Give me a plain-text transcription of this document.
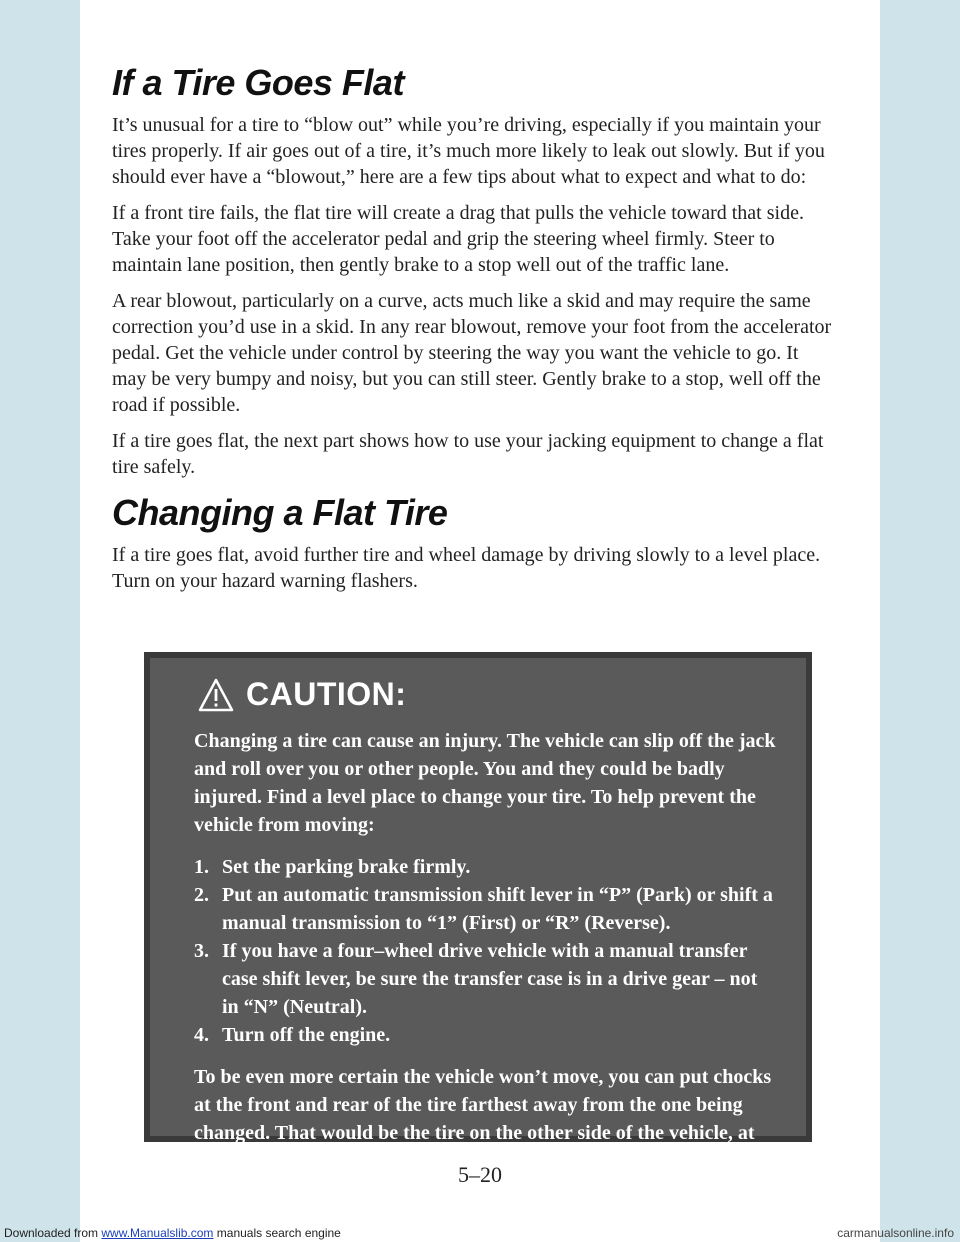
If a Tire Goes Flat

It’s unusual for a tire to “blow out” while you’re driving, especially if you maintain your tires properly. If air goes out of a tire, it’s much more likely to leak out slowly. But if you should ever have a “blowout,” here are a few tips about what to expect and what to do:

If a front tire fails, the flat tire will create a drag that pulls the vehicle toward that side. Take your foot off the accelerator pedal and grip the steering wheel firmly. Steer to maintain lane position, then gently brake to a stop well out of the traffic lane.

A rear blowout, particularly on a curve, acts much like a skid and may require the same correction you’d use in a skid. In any rear blowout, remove your foot from the accelerator pedal. Get the vehicle under control by steering the way you want the vehicle to go. It may be very bumpy and noisy, but you can still steer. Gently brake to a stop, well off the road if possible.

If a tire goes flat, the next part shows how to use your jacking equipment to change a flat tire safely.

Changing a Flat Tire

If a tire goes flat, avoid further tire and wheel damage by driving slowly to a level place. Turn on your hazard warning flashers.

CAUTION:

Changing a tire can cause an injury. The vehicle can slip off the jack and roll over you or other people. You and they could be badly injured. Find a level place to change your tire. To help prevent the vehicle from moving:

1. Set the parking brake firmly.
2. Put an automatic transmission shift lever in “P” (Park) or shift a manual transmission to “1” (First) or “R” (Reverse).
3. If you have a four–wheel drive vehicle with a manual transfer case shift lever, be sure the transfer case is in a drive gear – not in “N” (Neutral).
4. Turn off the engine.

To be even more certain the vehicle won’t move, you can put chocks at the front and rear of the tire farthest away from the one being changed. That would be the tire on the other side of the vehicle, at the opposite end.

5–20
Downloaded from www.Manualslib.com manuals search engine	carmanualsonline.info
